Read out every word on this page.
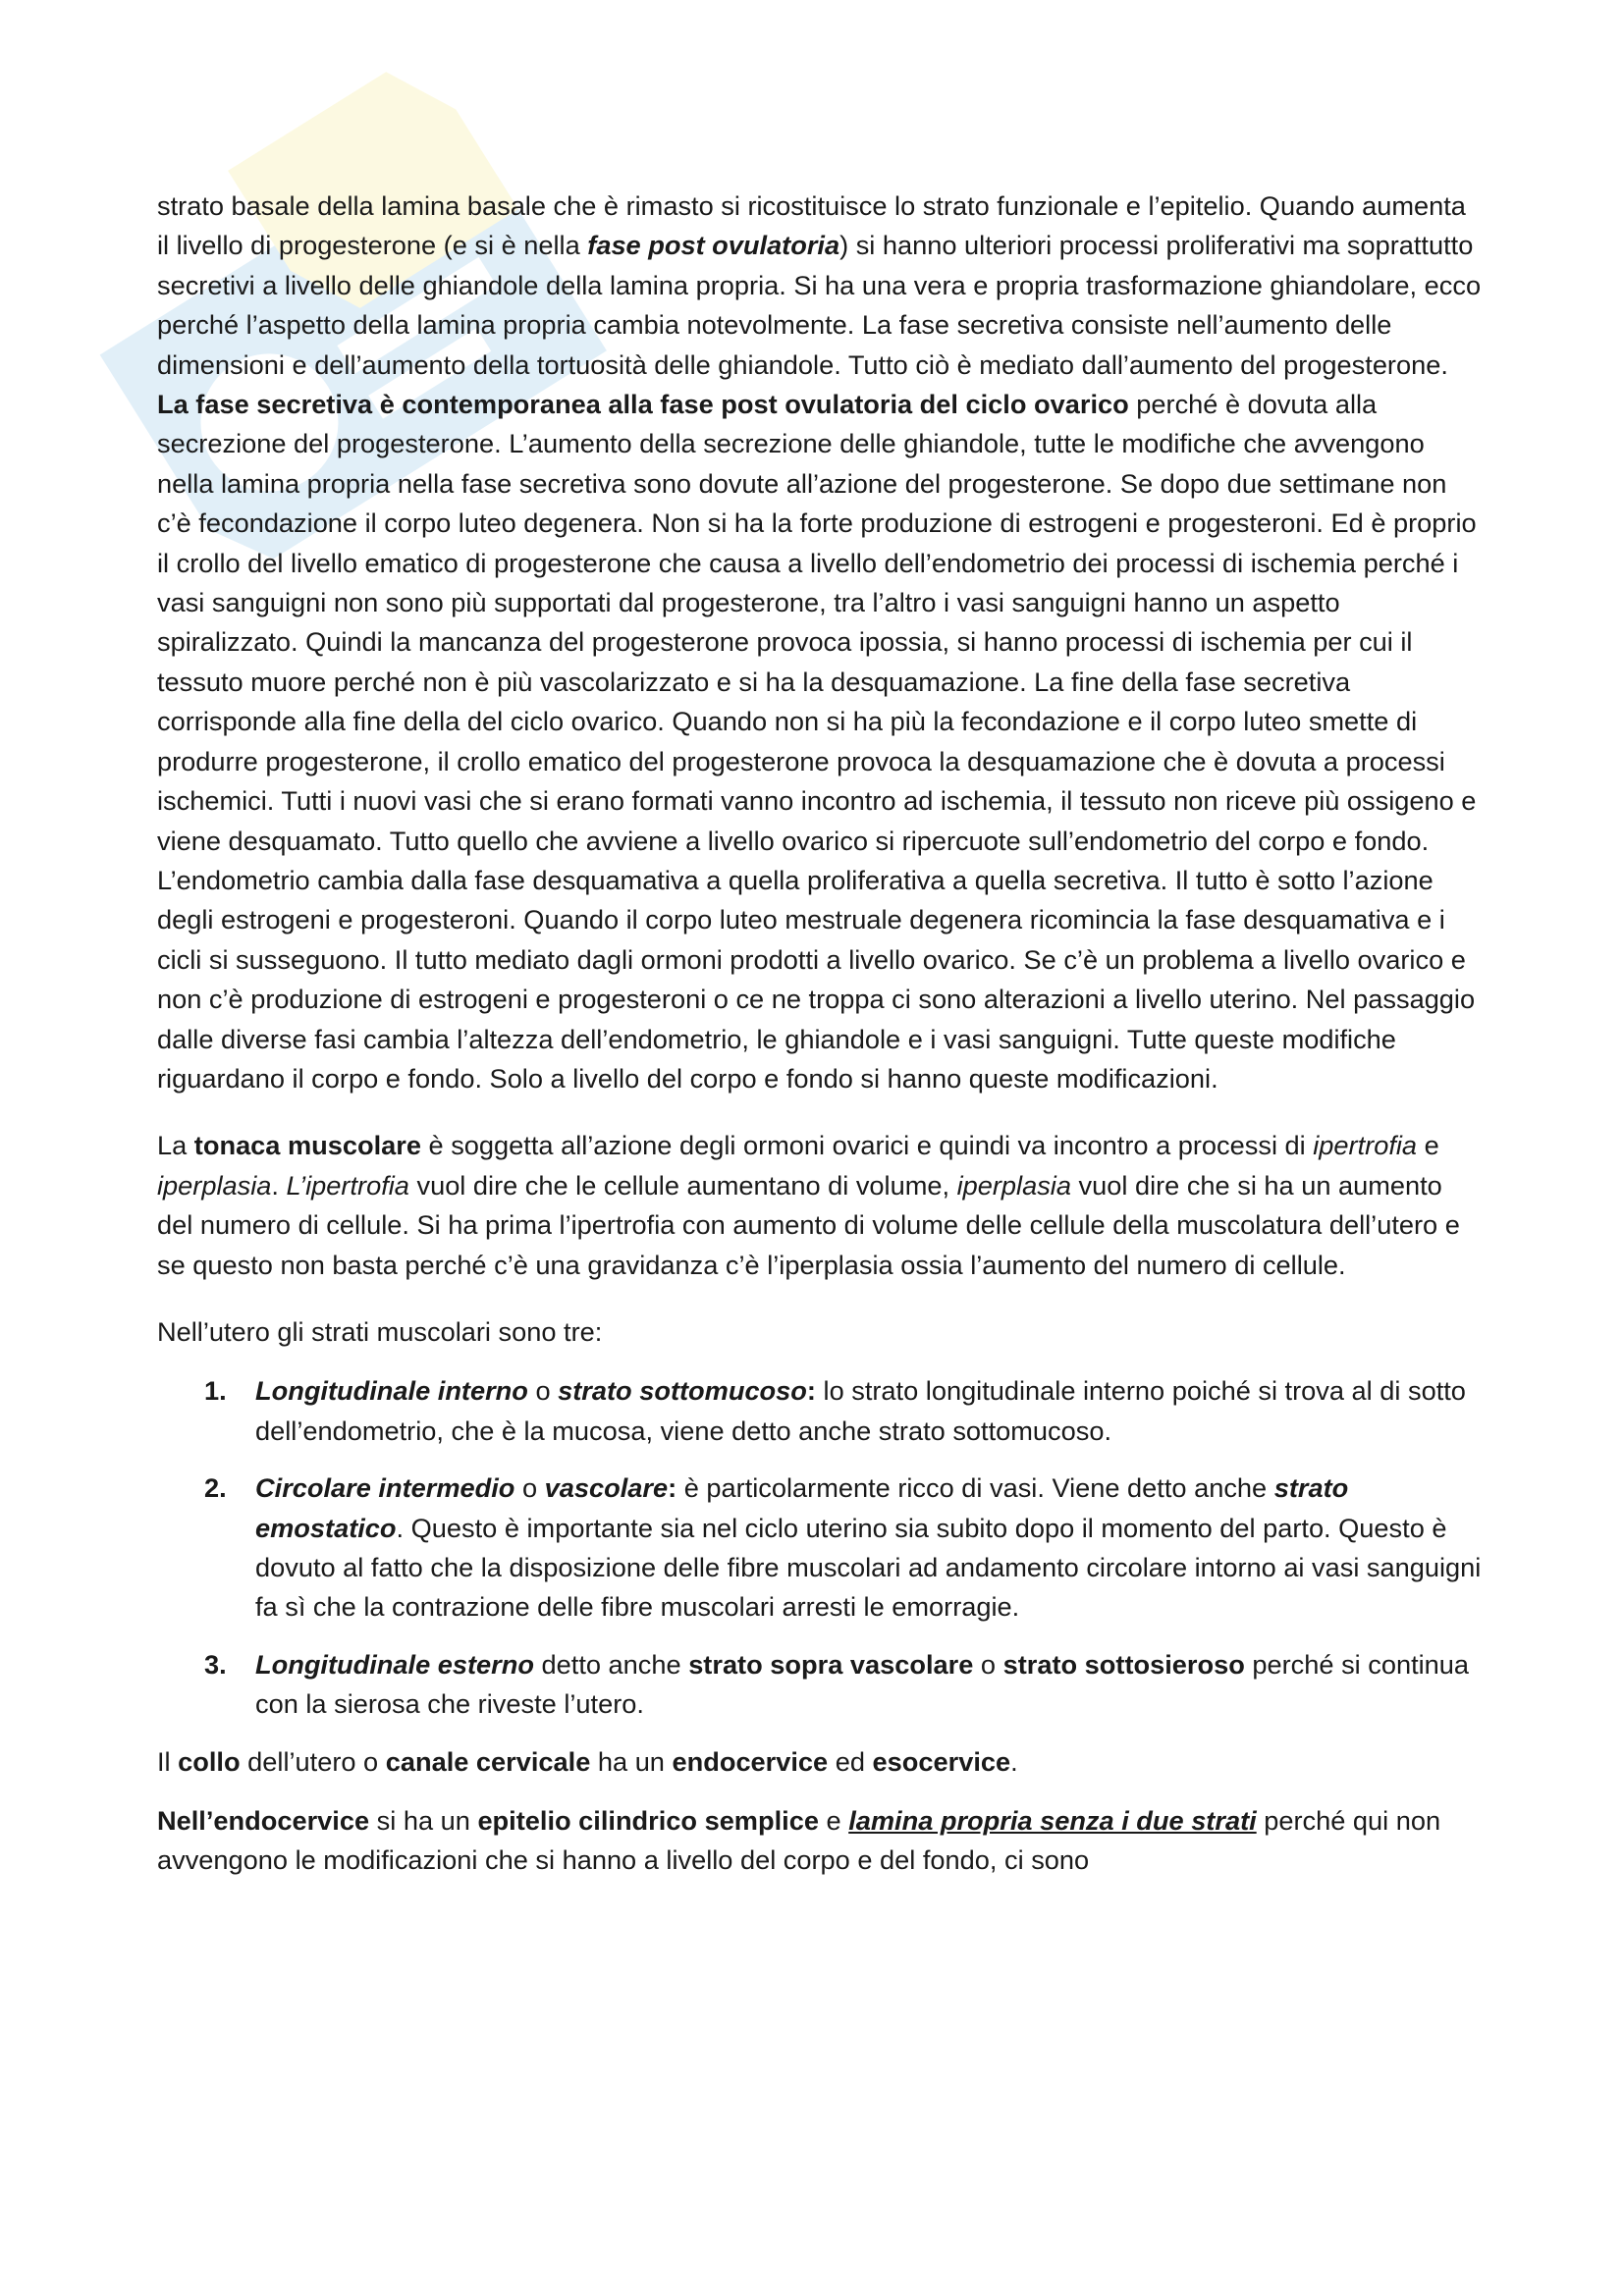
strato basale della lamina basale che è rimasto si ricostituisce lo strato funzionale e l’epitelio. Quando aumenta il livello di progesterone (e si è nella fase post ovulatoria) si hanno ulteriori processi proliferativi ma soprattutto secretivi a livello delle ghiandole della lamina propria. Si ha una vera e propria trasformazione ghiandolare, ecco perché l’aspetto della lamina propria cambia notevolmente. La fase secretiva consiste nell’aumento delle dimensioni e dell’aumento della tortuosità delle ghiandole. Tutto ciò è mediato dall’aumento del progesterone. La fase secretiva è contemporanea alla fase post ovulatoria del ciclo ovarico perché è dovuta alla secrezione del progesterone. L’aumento della secrezione delle ghiandole, tutte le modifiche che avvengono nella lamina propria nella fase secretiva sono dovute all’azione del progesterone. Se dopo due settimane non c’è fecondazione il corpo luteo degenera. Non si ha la forte produzione di estrogeni e progesteroni. Ed è proprio il crollo del livello ematico di progesterone che causa a livello dell’endometrio dei processi di ischemia perché i vasi sanguigni non sono più supportati dal progesterone, tra l’altro i vasi sanguigni hanno un aspetto spiralizzato. Quindi la mancanza del progesterone provoca ipossia, si hanno processi di ischemia per cui il tessuto muore perché non è più vascolarizzato e si ha la desquamazione. La fine della fase secretiva corrisponde alla fine della del ciclo ovarico. Quando non si ha più la fecondazione e il corpo luteo smette di produrre progesterone, il crollo ematico del progesterone provoca la desquamazione che è dovuta a processi ischemici. Tutti i nuovi vasi che si erano formati vanno incontro ad ischemia, il tessuto non riceve più ossigeno e viene desquamato. Tutto quello che avviene a livello ovarico si ripercuote sull’endometrio del corpo e fondo. L’endometrio cambia dalla fase desquamativa a quella proliferativa a quella secretiva. Il tutto è sotto l’azione degli estrogeni e progesteroni. Quando il corpo luteo mestruale degenera ricomincia la fase desquamativa e i cicli si susseguono. Il tutto mediato dagli ormoni prodotti a livello ovarico. Se c’è un problema a livello ovarico e non c’è produzione di estrogeni e progesteroni o ce ne troppa ci sono alterazioni a livello uterino. Nel passaggio dalle diverse fasi cambia l’altezza dell’endometrio, le ghiandole e i vasi sanguigni. Tutte queste modifiche riguardano il corpo e fondo. Solo a livello del corpo e fondo si hanno queste modificazioni.

La tonaca muscolare è soggetta all’azione degli ormoni ovarici e quindi va incontro a processi di ipertrofia e iperplasia. L’ipertrofia vuol dire che le cellule aumentano di volume, iperplasia vuol dire che si ha un aumento del numero di cellule. Si ha prima l’ipertrofia con aumento di volume delle cellule della muscolatura dell’utero e se questo non basta perché c’è una gravidanza c’è l’iperplasia ossia l’aumento del numero di cellule.

Nell’utero gli strati muscolari sono tre:

1. Longitudinale interno o strato sottomucoso: lo strato longitudinale interno poiché si trova al di sotto dell’endometrio, che è la mucosa, viene detto anche strato sottomucoso.
2. Circolare intermedio o vascolare: è particolarmente ricco di vasi. Viene detto anche strato emostatico. Questo è importante sia nel ciclo uterino sia subito dopo il momento del parto. Questo è dovuto al fatto che la disposizione delle fibre muscolari ad andamento circolare intorno ai vasi sanguigni fa sì che la contrazione delle fibre muscolari arresti le emorragie.
3. Longitudinale esterno detto anche strato sopra vascolare o strato sottosieroso perché si continua con la sierosa che riveste l’utero.

Il collo dell’utero o canale cervicale ha un endocervice ed esocervice.

Nell’endocervice si ha un epitelio cilindrico semplice e lamina propria senza i due strati perché qui non avvengono le modificazioni che si hanno a livello del corpo e del fondo, ci sono
